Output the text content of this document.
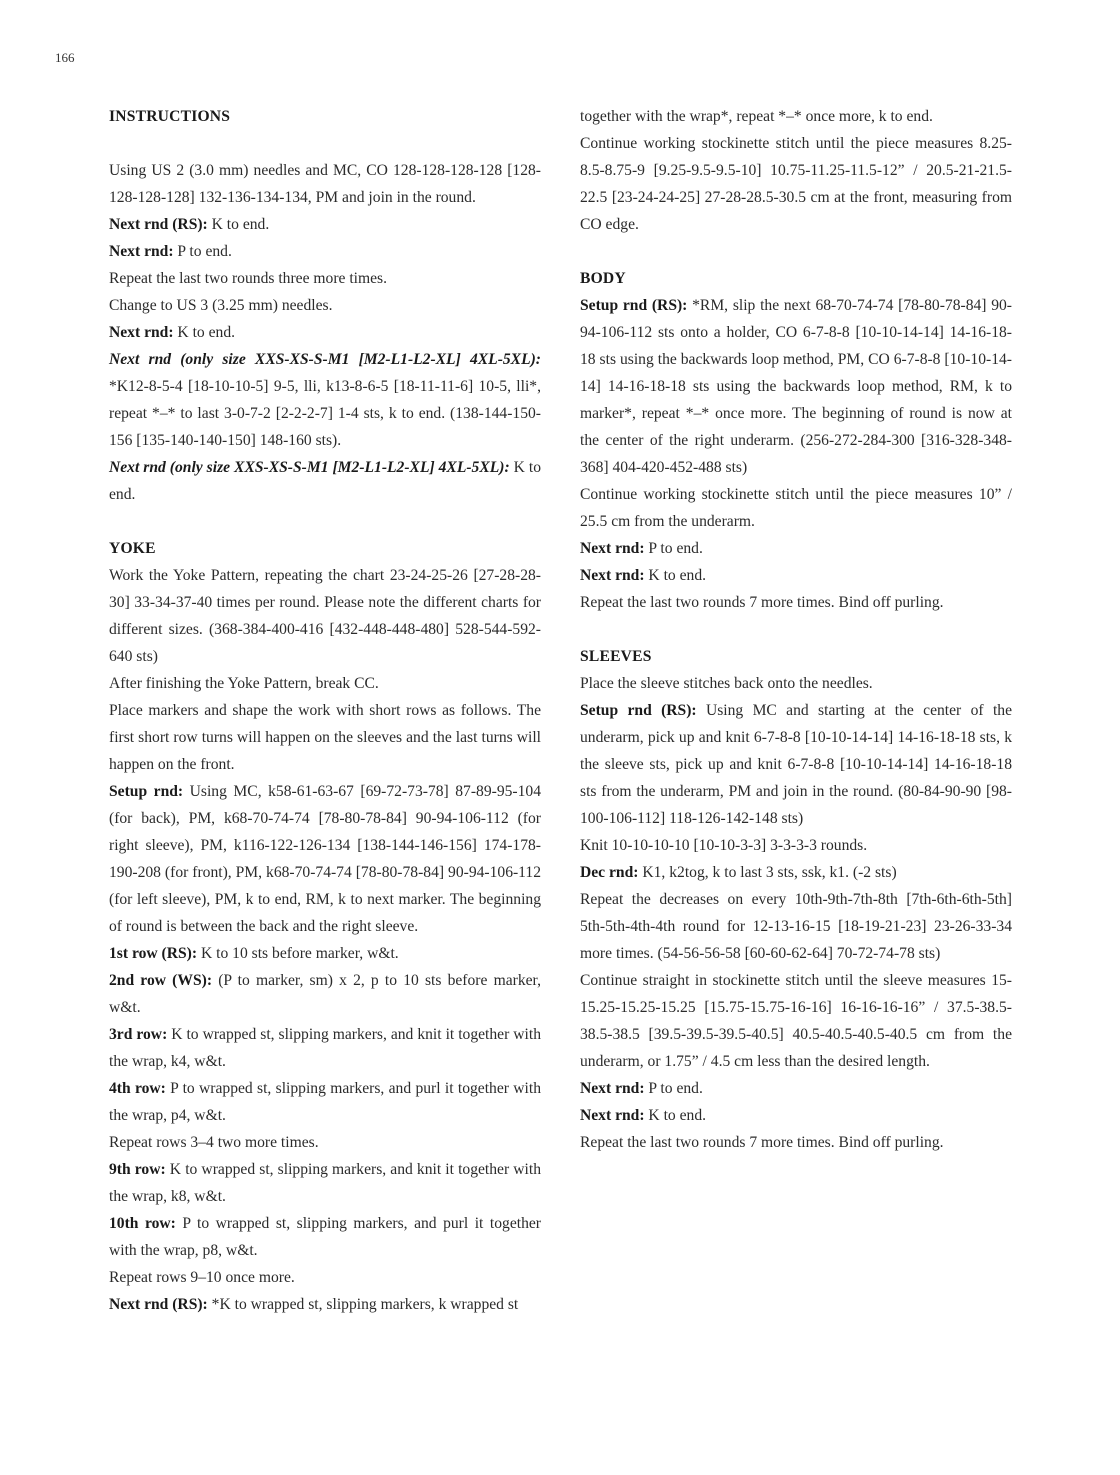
166
INSTRUCTIONS

Using US 2 (3.0 mm) needles and MC, CO 128-128-128-128 [128-128-128-128] 132-136-134-134, PM and join in the round.

Next rnd (RS): K to end.

Next rnd: P to end.

Repeat the last two rounds three more times.

Change to US 3 (3.25 mm) needles.

Next rnd: K to end.

Next rnd (only size XXS-XS-S-M1 [M2-L1-L2-XL] 4XL-5XL): *K12-8-5-4 [18-10-10-5] 9-5, lli, k13-8-6-5 [18-11-11-6] 10-5, lli*, repeat *–* to last 3-0-7-2 [2-2-2-7] 1-4 sts, k to end. (138-144-150-156 [135-140-140-150] 148-160 sts).

Next rnd (only size XXS-XS-S-M1 [M2-L1-L2-XL] 4XL-5XL): K to end.

YOKE

Work the Yoke Pattern, repeating the chart 23-24-25-26 [27-28-28-30] 33-34-37-40 times per round. Please note the different charts for different sizes. (368-384-400-416 [432-448-448-480] 528-544-592-640 sts)

After finishing the Yoke Pattern, break CC.

Place markers and shape the work with short rows as follows. The first short row turns will happen on the sleeves and the last turns will happen on the front.

Setup rnd: Using MC, k58-61-63-67 [69-72-73-78] 87-89-95-104 (for back), PM, k68-70-74-74 [78-80-78-84] 90-94-106-112 (for right sleeve), PM, k116-122-126-134 [138-144-146-156] 174-178-190-208 (for front), PM, k68-70-74-74 [78-80-78-84] 90-94-106-112 (for left sleeve), PM, k to end, RM, k to next marker. The beginning of round is between the back and the right sleeve.

1st row (RS): K to 10 sts before marker, w&t.

2nd row (WS): (P to marker, sm) x 2, p to 10 sts before marker, w&t.

3rd row: K to wrapped st, slipping markers, and knit it together with the wrap, k4, w&t.

4th row: P to wrapped st, slipping markers, and purl it together with the wrap, p4, w&t.

Repeat rows 3–4 two more times.

9th row: K to wrapped st, slipping markers, and knit it together with the wrap, k8, w&t.

10th row: P to wrapped st, slipping markers, and purl it together with the wrap, p8, w&t.

Repeat rows 9–10 once more.

Next rnd (RS): *K to wrapped st, slipping markers, k wrapped st

together with the wrap*, repeat *–* once more, k to end.

Continue working stockinette stitch until the piece measures 8.25-8.5-8.75-9 [9.25-9.5-9.5-10] 10.75-11.25-11.5-12” / 20.5-21-21.5-22.5 [23-24-24-25] 27-28-28.5-30.5 cm at the front, measuring from CO edge.

BODY

Setup rnd (RS): *RM, slip the next 68-70-74-74 [78-80-78-84] 90-94-106-112 sts onto a holder, CO 6-7-8-8 [10-10-14-14] 14-16-18-18 sts using the backwards loop method, PM, CO 6-7-8-8 [10-10-14-14] 14-16-18-18 sts using the backwards loop method, RM, k to marker*, repeat *–* once more. The beginning of round is now at the center of the right underarm. (256-272-284-300 [316-328-348-368] 404-420-452-488 sts)

Continue working stockinette stitch until the piece measures 10” / 25.5 cm from the underarm.

Next rnd: P to end.

Next rnd: K to end.

Repeat the last two rounds 7 more times. Bind off purling.

SLEEVES

Place the sleeve stitches back onto the needles.

Setup rnd (RS): Using MC and starting at the center of the underarm, pick up and knit 6-7-8-8 [10-10-14-14] 14-16-18-18 sts, k the sleeve sts, pick up and knit 6-7-8-8 [10-10-14-14] 14-16-18-18 sts from the underarm, PM and join in the round. (80-84-90-90 [98-100-106-112] 118-126-142-148 sts)

Knit 10-10-10-10 [10-10-3-3] 3-3-3-3 rounds.

Dec rnd: K1, k2tog, k to last 3 sts, ssk, k1. (-2 sts)

Repeat the decreases on every 10th-9th-7th-8th [7th-6th-6th-5th] 5th-5th-4th-4th round for 12-13-16-15 [18-19-21-23] 23-26-33-34 more times. (54-56-56-58 [60-60-62-64] 70-72-74-78 sts)

Continue straight in stockinette stitch until the sleeve measures 15-15.25-15.25-15.25 [15.75-15.75-16-16] 16-16-16-16” / 37.5-38.5-38.5-38.5 [39.5-39.5-39.5-40.5] 40.5-40.5-40.5-40.5 cm from the underarm, or 1.75” / 4.5 cm less than the desired length.

Next rnd: P to end.

Next rnd: K to end.

Repeat the last two rounds 7 more times. Bind off purling.
